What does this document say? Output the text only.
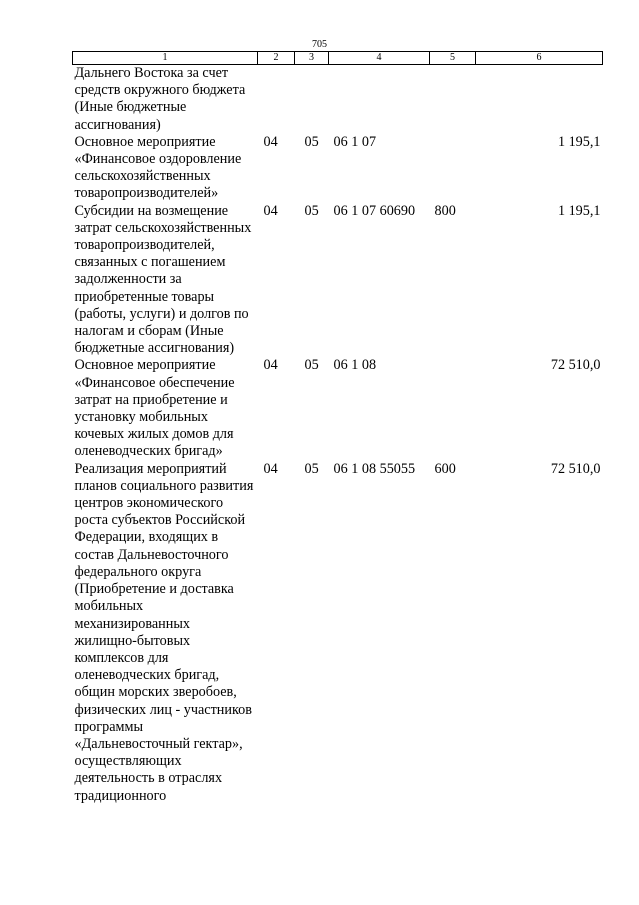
705
1	2	3	4	5	6
Дальнего Востока за счет средств окружного бюджета (Иные бюджетные ассигнования)					
Основное мероприятие «Финансовое оздоровление сельскохозяйственных товаропроизводителей»	04	05	06 1 07		1 195,1
Субсидии на возмещение затрат сельскохозяйственных товаропроизводителей, связанных с погашением задолженности за приобретенные товары (работы, услуги) и долгов по налогам и сборам (Иные бюджетные ассигнования)	04	05	06 1 07 60690	800	1 195,1
Основное мероприятие «Финансовое обеспечение затрат на приобретение и установку мобильных кочевых жилых домов для оленеводческих бригад»	04	05	06 1 08		72 510,0
Реализация мероприятий планов социального развития центров экономического роста субъектов Российской Федерации, входящих в состав Дальневосточного федерального округа (Приобретение и доставка мобильных механизированных жилищно-бытовых комплексов для оленеводческих бригад, общин морских зверобоев, физических лиц - участников программы «Дальневосточный гектар», осуществляющих деятельность в отраслях традиционного	04	05	06 1 08 55055	600	72 510,0
